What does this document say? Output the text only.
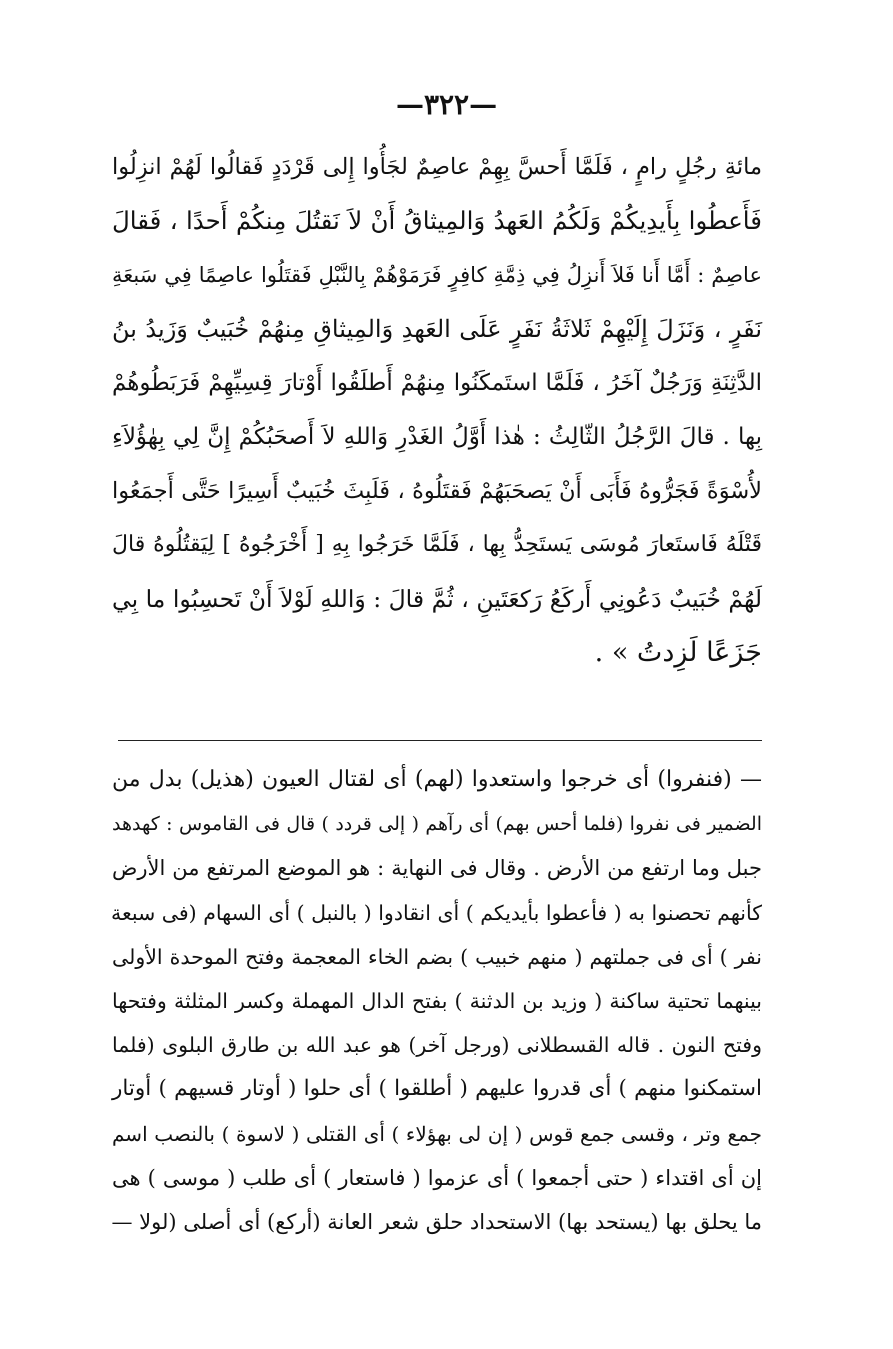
—٣٢٢—
مائةِ رجُلٍ رامٍ ، فَلَمَّا أَحسَّ بِهِمْ عاصِمٌ لجَأُوا إِلى قَرْدَدٍ فَقالُوا لَهُمْ انزِلُوا
فَأَعطُوا بِأَيدِيكُمْ وَلَكُمُ العَهدُ وَالمِيثاقُ أَنْ لاَ نَقتُلَ مِنكُمْ أَحدًا ، فَقالَ
عاصِمٌ : أَمَّا أَنا فَلاَ أَنزِلُ فِي ذِمَّةِ كافِرٍ فَرَمَوْهُمْ بِالنَّبْلِ فَقتَلُوا عاصِمًا فِي سَبعَةِ
نَفَرٍ ، وَنَزَلَ إِلَيْهِمْ ثَلاثَةُ نَفَرٍ عَلَى العَهدِ وَالمِيثاقِ مِنهُمْ خُبَيبٌ وَزَيدُ بنُ
الدَّثِنَةِ وَرَجُلٌ آخَرُ ، فَلَمَّا استَمكَنُوا مِنهُمْ أَطلَقُوا أَوْتارَ قِسِيِّهِمْ فَرَبَطُوهُمْ
بِها . قالَ الرَّجُلُ الثّالِثُ : هٰذا أَوَّلُ الغَدْرِ وَاللهِ لاَ أَصحَبُكُمْ إِنَّ لِي بِهٰؤُلاَءِ
لأُسْوَةً فَجَرُّوهُ فَأَبَى أَنْ يَصحَبَهُمْ فَقتَلُوهُ ، فَلَبِثَ خُبَيبٌ أَسِيرًا حَتَّى أَجمَعُوا
قَتْلَهُ فَاستَعارَ مُوسَى يَستَحِدُّ بِها ، فَلَمَّا خَرَجُوا بِهِ [ أَخْرَجُوهُ ] لِيَقتُلُوهُ قالَ
لَهُمْ خُبَيبٌ دَعُونِي أَركَعُ رَكعَتَينِ ، ثُمَّ قالَ : وَاللهِ لَوْلاَ أَنْ تَحسِبُوا ما بِي
جَزَعًا لَزِدتُ » .
— (فنفروا) أى خرجوا واستعدوا (لهم) أى لقتال العيون (هذيل) بدل من
الضمير فى نفروا (فلما أحس بهم) أى رآهم ( إلى قردد ) قال فى القاموس : كهدهد
جبل وما ارتفع من الأرض . وقال فى النهاية : هو الموضع المرتفع من الأرض
كأنهم تحصنوا به ( فأعطوا بأيديكم ) أى انقادوا ( بالنبل ) أى السهام (فى سبعة
نفر ) أى فى جملتهم ( منهم خبيب ) بضم الخاء المعجمة وفتح الموحدة الأولى
بينهما تحتية ساكنة ( وزيد بن الدثنة ) بفتح الدال المهملة وكسر المثلثة وفتحها
وفتح النون . قاله القسطلانى (ورجل آخر) هو عبد الله بن طارق البلوى (فلما
استمكنوا منهم ) أى قدروا عليهم ( أطلقوا ) أى حلوا ( أوتار قسيهم ) أوتار
جمع وتر ، وقسى جمع قوس ( إن لى بهؤلاء ) أى القتلى ( لاسوة ) بالنصب اسم
إن أى اقتداء ( حتى أجمعوا ) أى عزموا ( فاستعار ) أى طلب ( موسى ) هى
ما يحلق بها (يستحد بها) الاستحداد حلق شعر العانة (أركع) أى أصلى (لولا —
